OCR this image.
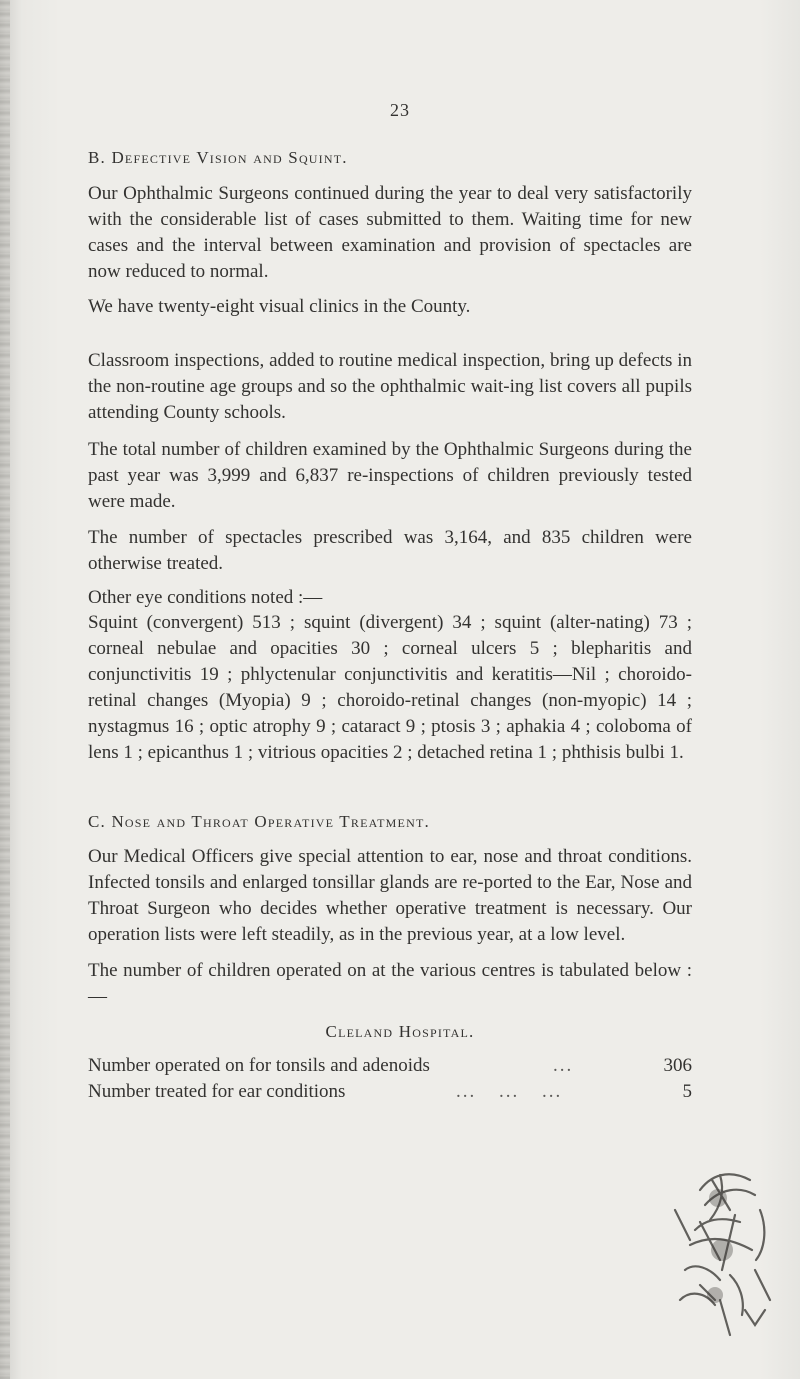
23
B. Defective Vision and Squint.

Our Ophthalmic Surgeons continued during the year to deal very satisfactorily with the considerable list of cases submitted to them. Waiting time for new cases and the interval between examination and provision of spectacles are now reduced to normal.

We have twenty-eight visual clinics in the County.

Classroom inspections, added to routine medical inspection, bring up defects in the non-routine age groups and so the ophthalmic wait-ing list covers all pupils attending County schools.

The total number of children examined by the Ophthalmic Surgeons during the past year was 3,999 and 6,837 re-inspections of children previously tested were made.

The number of spectacles prescribed was 3,164, and 835 children were otherwise treated.

Other eye conditions noted :—

Squint (convergent) 513 ; squint (divergent) 34 ; squint (alter-nating) 73 ; corneal nebulae and opacities 30 ; corneal ulcers 5 ; blepharitis and conjunctivitis 19 ; phlyctenular conjunctivitis and keratitis—Nil ; choroido-retinal changes (Myopia) 9 ; choroido-retinal changes (non-myopic) 14 ; nystagmus 16 ; optic atrophy 9 ; cataract 9 ; ptosis 3 ; aphakia 4 ; coloboma of lens 1 ; epicanthus 1 ; vitrious opacities 2 ; detached retina 1 ; phthisis bulbi 1.

C. Nose and Throat Operative Treatment.

Our Medical Officers give special attention to ear, nose and throat conditions. Infected tonsils and enlarged tonsillar glands are re-ported to the Ear, Nose and Throat Surgeon who decides whether operative treatment is necessary. Our operation lists were left steadily, as in the previous year, at a low level.

The number of children operated on at the various centres is tabulated below :—

Cleland Hospital.
Number operated on for tonsils and adenoids	...	306
Number treated for ear conditions	... ... ...	5
